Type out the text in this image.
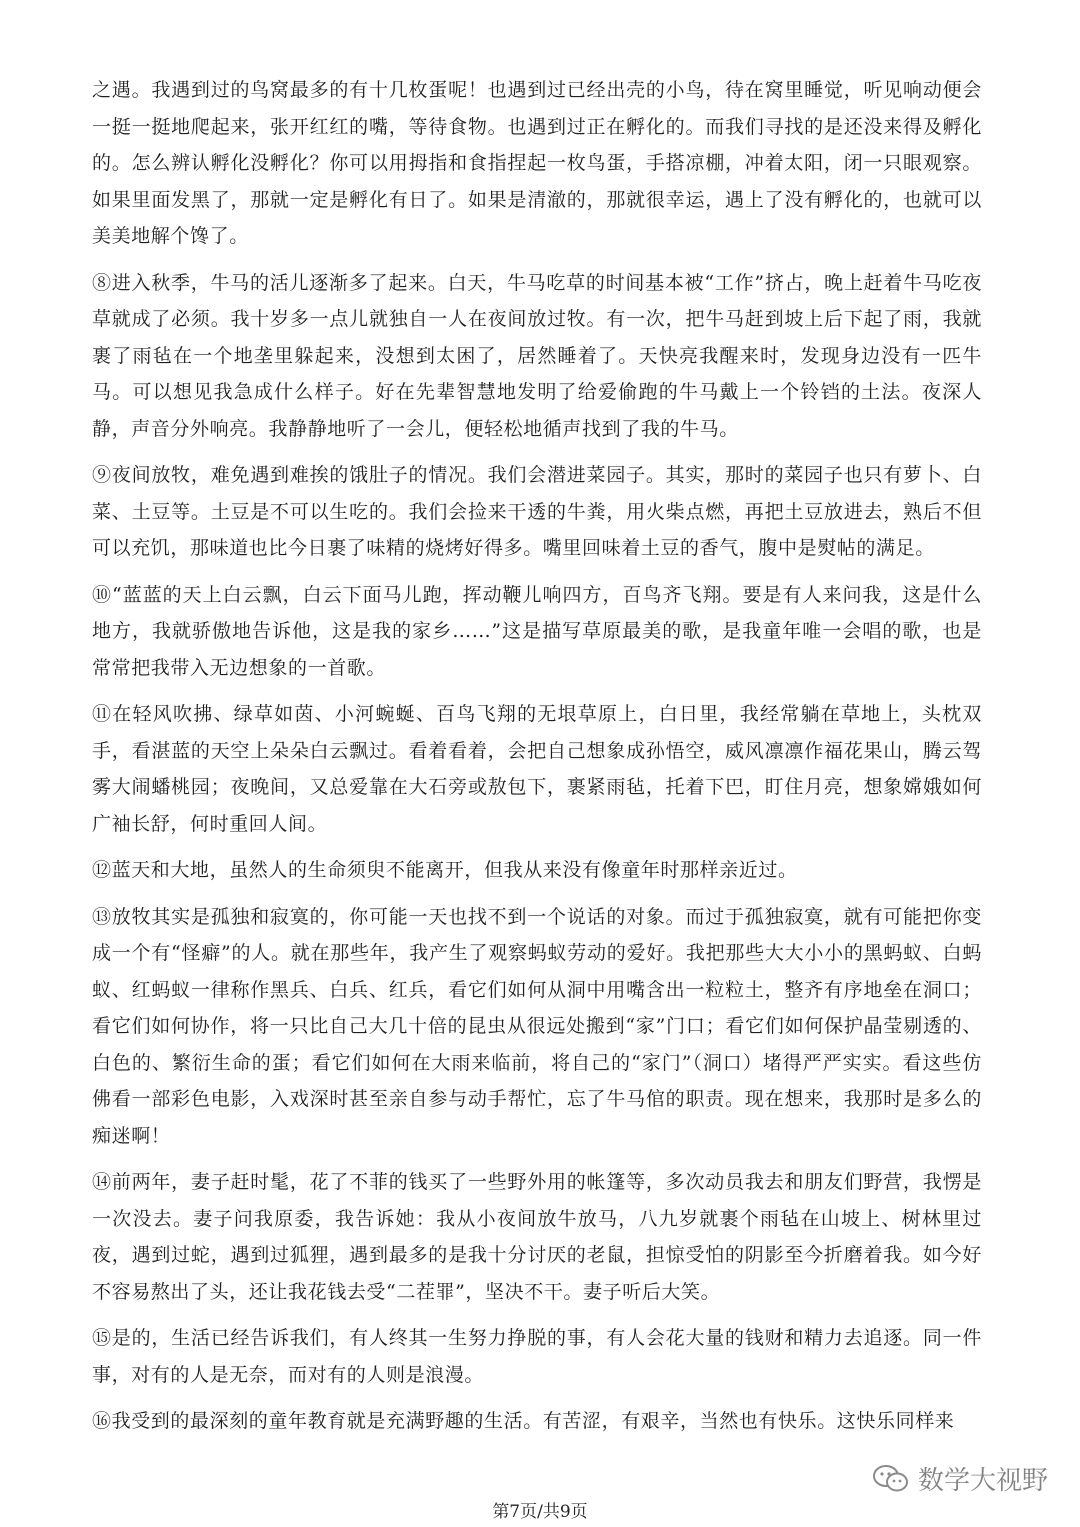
之遇。我遇到过的鸟窝最多的有十几枚蛋呢！也遇到过已经出壳的小鸟，待在窝里睡觉，听见响动便会一挺一挺地爬起来，张开红红的嘴，等待食物。也遇到过正在孵化的。而我们寻找的是还没来得及孵化的。怎么辨认孵化没孵化？你可以用拇指和食指捏起一枚鸟蛋，手搭凉棚，冲着太阳，闭一只眼观察。如果里面发黑了，那就一定是孵化有日了。如果是清澈的，那就很幸运，遇上了没有孵化的，也就可以美美地解个馋了。

⑧进入秋季，牛马的活儿逐渐多了起来。白天，牛马吃草的时间基本被“工作”挤占，晚上赶着牛马吃夜草就成了必须。我十岁多一点儿就独自一人在夜间放过牧。有一次，把牛马赶到坡上后下起了雨，我就裹了雨毡在一个地垄里躲起来，没想到太困了，居然睡着了。天快亮我醒来时，发现身边没有一匹牛马。可以想见我急成什么样子。好在先辈智慧地发明了给爱偷跑的牛马戴上一个铃铛的土法。夜深人静，声音分外响亮。我静静地听了一会儿，便轻松地循声找到了我的牛马。

⑨夜间放牧，难免遇到难挨的饿肚子的情况。我们会潜进菜园子。其实，那时的菜园子也只有萝卜、白菜、土豆等。土豆是不可以生吃的。我们会捡来干透的牛粪，用火柴点燃，再把土豆放进去，熟后不但可以充饥，那味道也比今日裹了味精的烧烤好得多。嘴里回味着土豆的香气，腹中是熨帖的满足。

⑩“蓝蓝的天上白云飘，白云下面马儿跑，挥动鞭儿响四方，百鸟齐飞翔。要是有人来问我，这是什么地方，我就骄傲地告诉他，这是我的家乡……”这是描写草原最美的歌，是我童年唯一会唱的歌，也是常常把我带入无边想象的一首歌。

⑪在轻风吹拂、绿草如茵、小河蜿蜒、百鸟飞翔的无垠草原上，白日里，我经常躺在草地上，头枕双手，看湛蓝的天空上朵朵白云飘过。看着看着，会把自己想象成孙悟空，威风凛凛作福花果山，腾云驾雾大闹蟠桃园；夜晚间，又总爱靠在大石旁或敖包下，裹紧雨毡，托着下巴，盯住月亮，想象嫦娥如何广袖长舒，何时重回人间。

⑫蓝天和大地，虽然人的生命须臾不能离开，但我从来没有像童年时那样亲近过。

⑬放牧其实是孤独和寂寞的，你可能一天也找不到一个说话的对象。而过于孤独寂寞，就有可能把你变成一个有“怪癖”的人。就在那些年，我产生了观察蚂蚁劳动的爱好。我把那些大大小小的黑蚂蚁、白蚂蚁、红蚂蚁一律称作黑兵、白兵、红兵，看它们如何从洞中用嘴含出一粒粒土，整齐有序地垒在洞口；看它们如何协作，将一只比自己大几十倍的昆虫从很远处搬到“家”门口；看它们如何保护晶莹剔透的、白色的、繁衍生命的蛋；看它们如何在大雨来临前，将自己的“家门”（洞口）堵得严严实实。看这些仿佛看一部彩色电影，入戏深时甚至亲自参与动手帮忙，忘了牛马倌的职责。现在想来，我那时是多么的痴迷啊！

⑭前两年，妻子赶时髦，花了不菲的钱买了一些野外用的帐篷等，多次动员我去和朋友们野营，我愣是一次没去。妻子问我原委，我告诉她：我从小夜间放牛放马，八九岁就裹个雨毡在山坡上、树林里过夜，遇到过蛇，遇到过狐狸，遇到最多的是我十分讨厌的老鼠，担惊受怕的阴影至今折磨着我。如今好不容易熬出了头，还让我花钱去受“二茬罪”，坚决不干。妻子听后大笑。

⑮是的，生活已经告诉我们，有人终其一生努力挣脱的事，有人会花大量的钱财和精力去追逐。同一件事，对有的人是无奈，而对有的人则是浪漫。

⑯我受到的最深刻的童年教育就是充满野趣的生活。有苦涩，有艰辛，当然也有快乐。这快乐同样来

数学大视野
第7页/共9页
